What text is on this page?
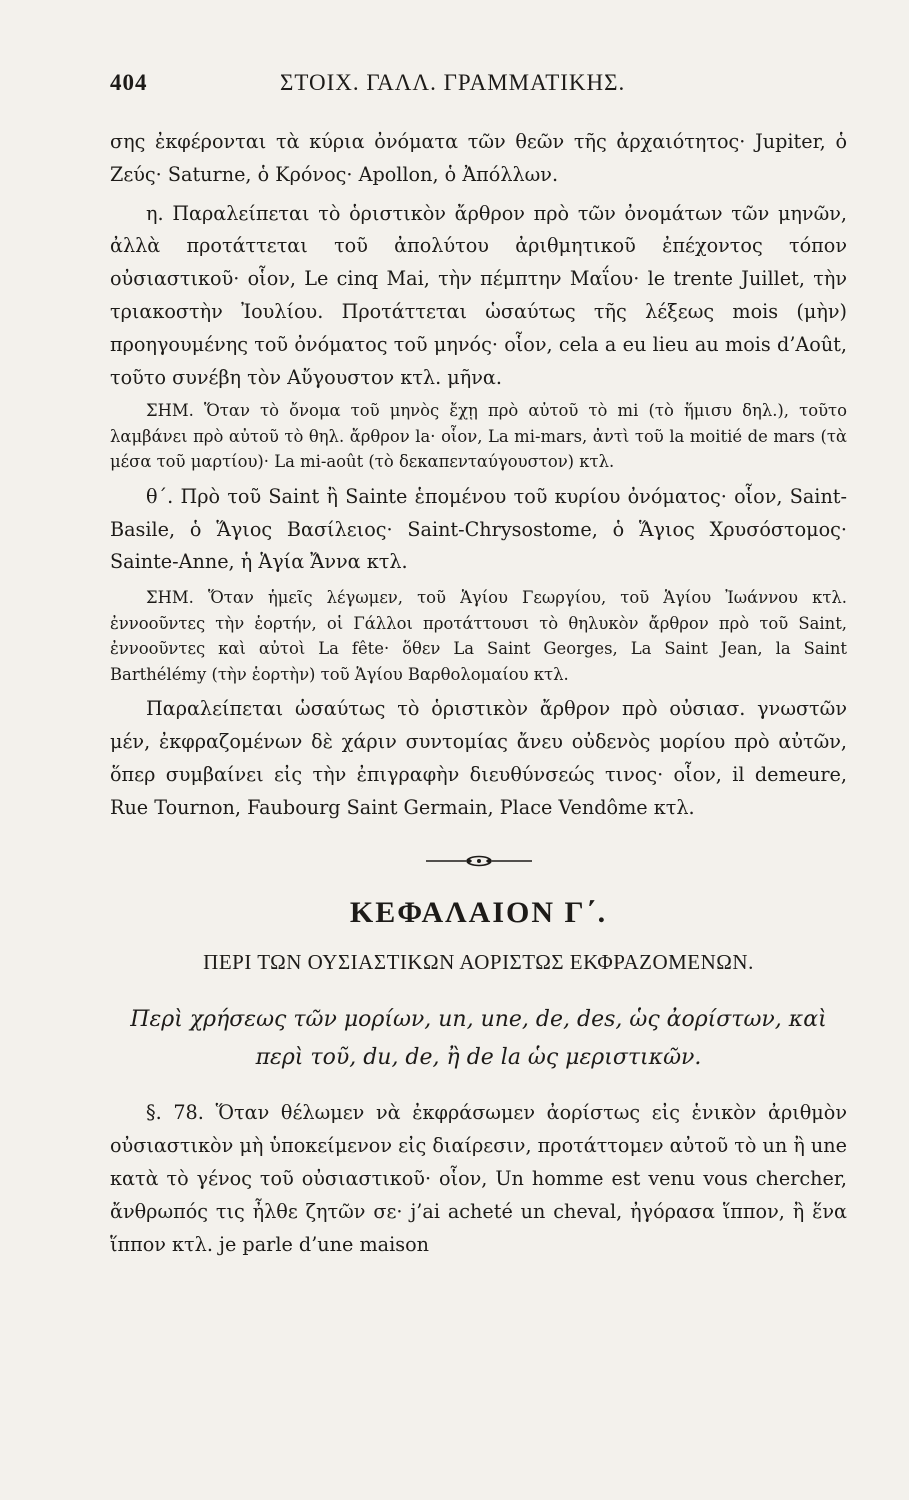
404	ΣΤΟΙΧ. ΓΑΛΛ. ΓΡΑΜΜΑΤΙΚΗΣ.

σης ἐκφέρονται τὰ κύρια ὀνόματα τῶν θεῶν τῆς ἀρχαιότητος· Jupiter, ὁ Ζεύς· Saturne, ὁ Κρόνος· Apollon, ὁ Ἀπόλλων.

η. Παραλείπεται τὸ ὁριστικὸν ἄρθρον πρὸ τῶν ὀνομάτων τῶν μηνῶν, ἀλλὰ προτάττεται τοῦ ἀπολύτου ἀριθμητικοῦ ἐπέχοντος τόπον οὐσιαστικοῦ· οἷον, Le cinq Mai, τὴν πέμπτην Μαΐου· le trente Juillet, τὴν τριακοστὴν Ἰουλίου. Προτάττεται ὡσαύτως τῆς λέξεως mois (μὴν) προηγουμένης τοῦ ὀνόματος τοῦ μηνός· οἷον, cela a eu lieu au mois d’Août, τοῦτο συνέβη τὸν Αὔγουστον κτλ. μῆνα.

ΣΗΜ. Ὅταν τὸ ὄνομα τοῦ μηνὸς ἔχῃ πρὸ αὐτοῦ τὸ mi (τὸ ἥμισυ δηλ.), τοῦτο λαμβάνει πρὸ αὐτοῦ τὸ θηλ. ἄρθρον la· οἷον, La mi-mars, ἀντὶ τοῦ la moitié de mars (τὰ μέσα τοῦ μαρτίου)· La mi-août (τὸ δεκαπενταύγουστον) κτλ.

θ΄. Πρὸ τοῦ Saint ἢ Sainte ἑπομένου τοῦ κυρίου ὀνόματος· οἷον, Saint-Basile, ὁ Ἅγιος Βασίλειος· Saint-Chrysostome, ὁ Ἅγιος Χρυσόστομος· Sainte-Anne, ἡ Ἁγία Ἄννα κτλ.

ΣΗΜ. Ὅταν ἡμεῖς λέγωμεν, τοῦ Ἁγίου Γεωργίου, τοῦ Ἁγίου Ἰωάννου κτλ. ἐννοοῦντες τὴν ἑορτήν, οἱ Γάλλοι προτάττουσι τὸ θηλυκὸν ἄρθρον πρὸ τοῦ Saint, ἐννοοῦντες καὶ αὐτοὶ La fête· ὅθεν La Saint Georges, La Saint Jean, la Saint Barthélémy (τὴν ἑορτὴν) τοῦ Ἁγίου Βαρθολομαίου κτλ.

Παραλείπεται ὡσαύτως τὸ ὁριστικὸν ἄρθρον πρὸ οὐσιασ. γνωστῶν μέν, ἐκφραζομένων δὲ χάριν συντομίας ἄνευ οὐδενὸς μορίου πρὸ αὐτῶν, ὅπερ συμβαίνει εἰς τὴν ἐπιγραφὴν διευθύνσεώς τινος· οἷον, il demeure, Rue Tournon, Faubourg Saint Germain, Place Vendôme κτλ.

ΚΕΦΑΛΑΙΟΝ Γ΄.
ΠΕΡΙ ΤΩΝ ΟΥΣΙΑΣΤΙΚΩΝ ΑΟΡΙΣΤΩΣ ΕΚΦΡΑΖΟΜΕΝΩΝ.
Περὶ χρήσεως τῶν μορίων, un, une, de, des, ὡς ἀορίστων, καὶ
περὶ τοῦ, du, de, ἢ de la ὡς μεριστικῶν.

§. 78. Ὅταν θέλωμεν νὰ ἐκφράσωμεν ἀορίστως εἰς ἑνικὸν ἀριθμὸν οὐσιαστικὸν μὴ ὑποκείμενον εἰς διαίρεσιν, προτάττομεν αὐτοῦ τὸ un ἢ une κατὰ τὸ γένος τοῦ οὐσιαστικοῦ· οἷον, Un homme est venu vous chercher, ἄνθρωπός τις ἦλθε ζητῶν σε· j’ai acheté un cheval, ἠγόρασα ἵππον, ἢ ἕνα ἵππον κτλ. je parle d’une maison
